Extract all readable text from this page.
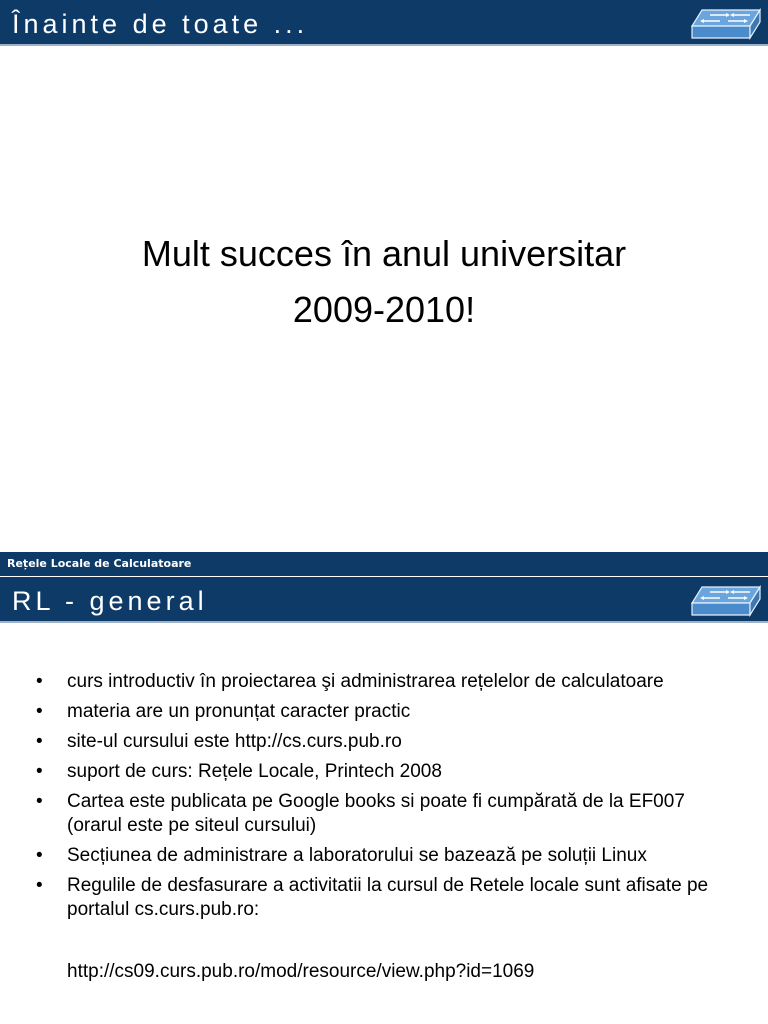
Înainte de toate ...
Mult succes în anul universitar
2009-2010!
Rețele Locale de Calculatoare
RL - general
• curs introductiv în proiectarea şi administrarea rețelelor de calculatoare
• materia are un pronunțat caracter practic
• site-ul cursului este http://cs.curs.pub.ro
• suport de curs: Rețele Locale, Printech 2008
• Cartea este publicata pe Google books si poate fi cumpărată de la EF007 (orarul este pe siteul cursului)
• Secțiunea de administrare a laboratorului se bazează pe soluții Linux
• Regulile de desfasurare a activitatii la cursul de Retele locale sunt afisate pe portalul cs.curs.pub.ro:
http://cs09.curs.pub.ro/mod/resource/view.php?id=1069
